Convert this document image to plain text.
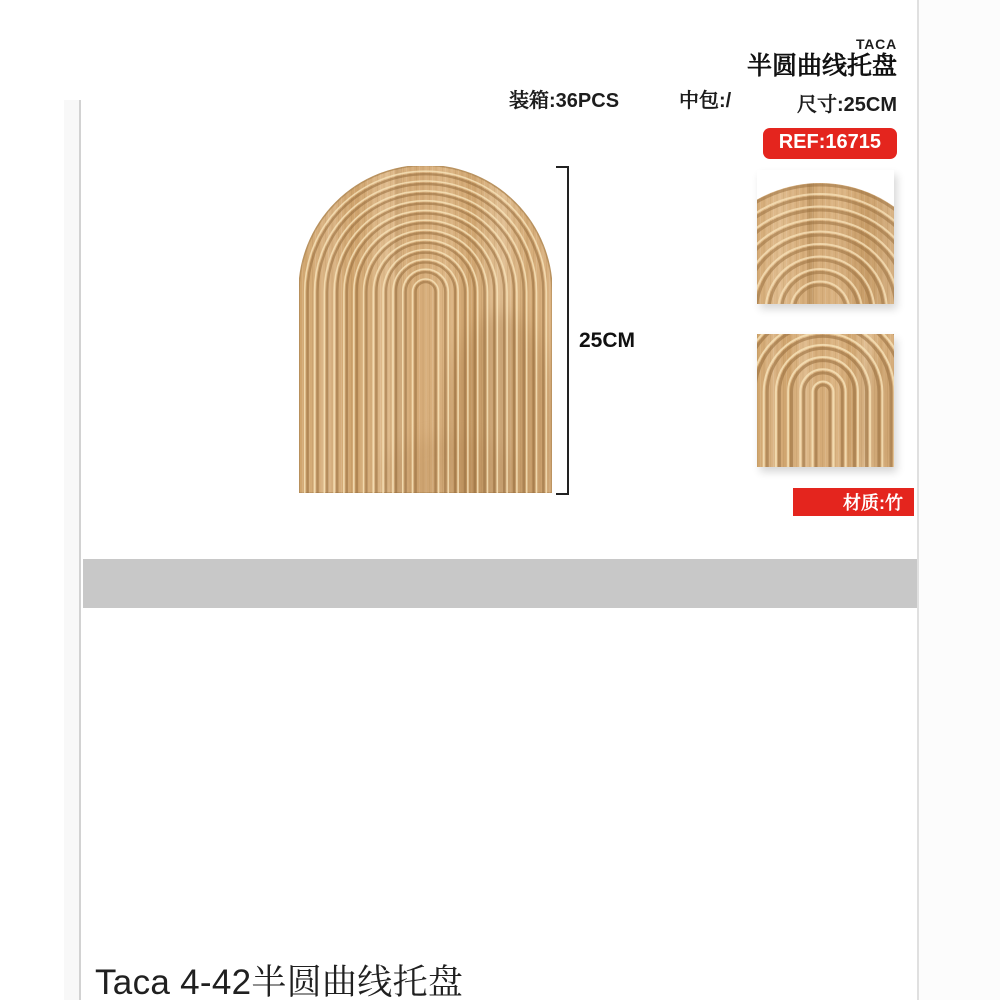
装箱:36PCS	中包:/
TACA
半圆曲线托盘
尺寸:25CM
REF:16715
25CM
材质:竹
Taca 4-42半圆曲线托盘
